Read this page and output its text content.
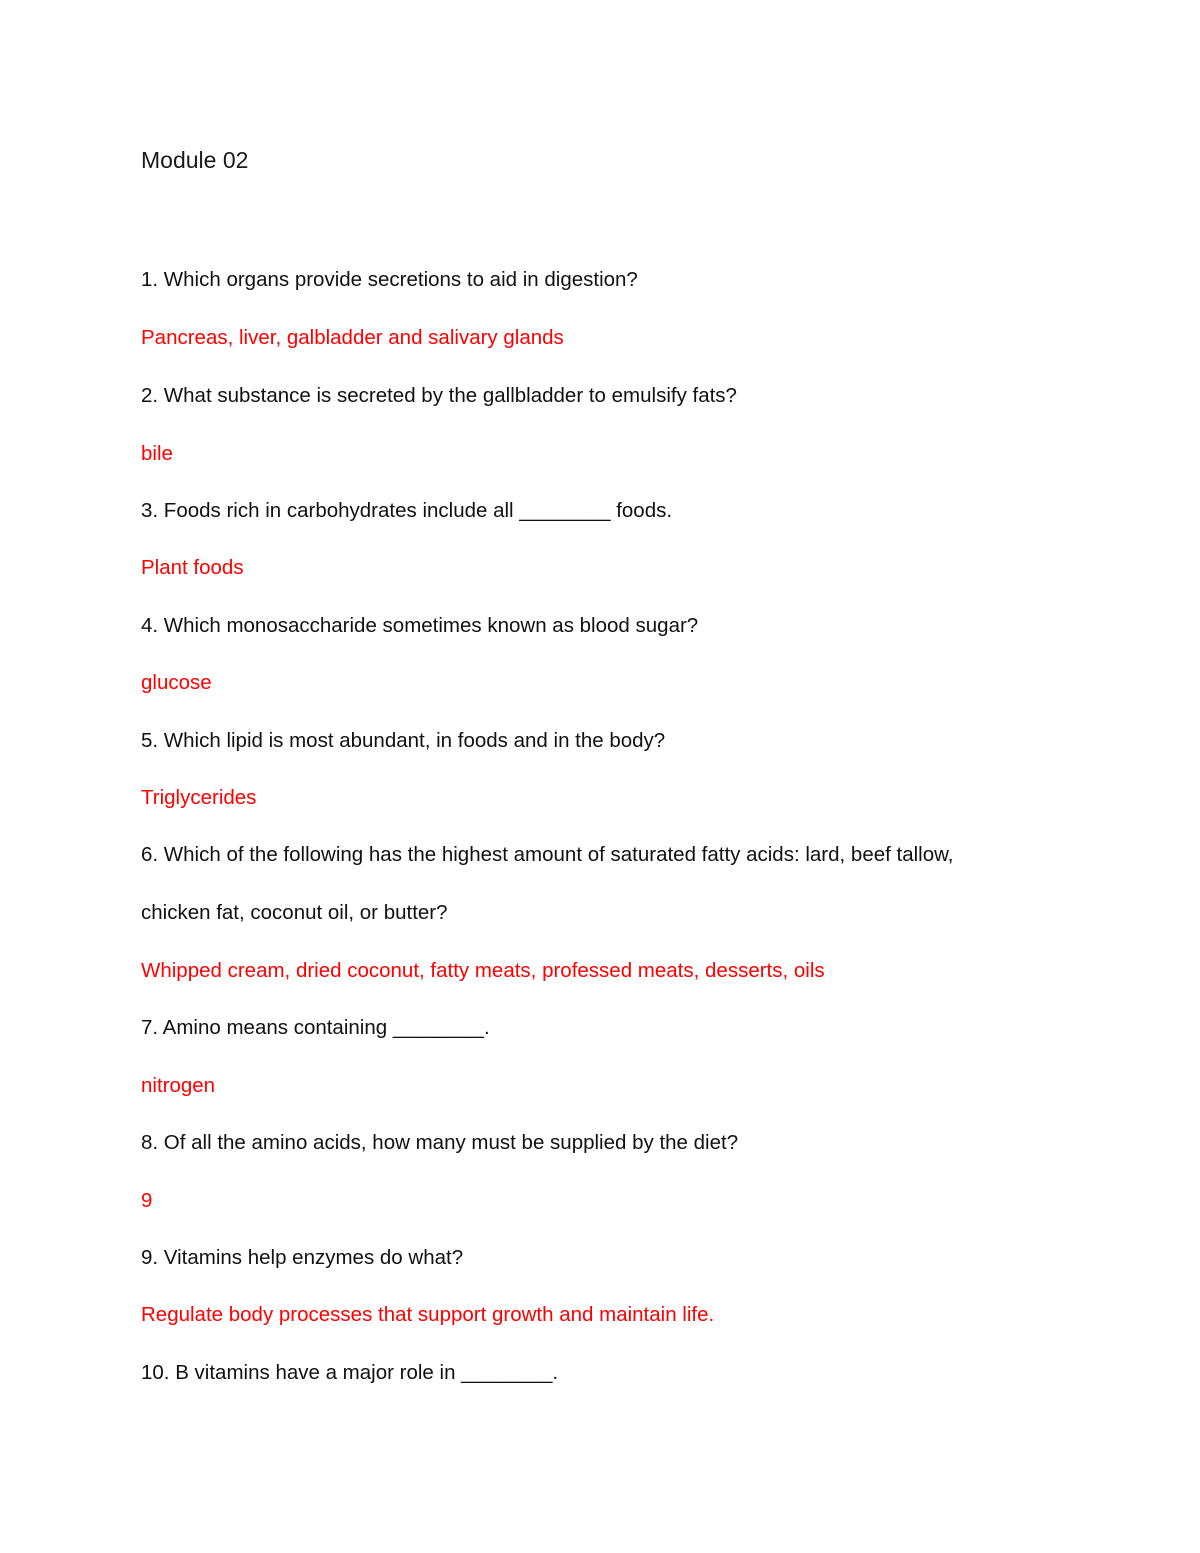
Module 02
1. Which organs provide secretions to aid in digestion?
Pancreas, liver, galbladder and salivary glands
2. What substance is secreted by the gallbladder to emulsify fats?
bile
3. Foods rich in carbohydrates include all ________ foods.
Plant foods
4. Which monosaccharide sometimes known as blood sugar?
glucose
5. Which lipid is most abundant, in foods and in the body?
Triglycerides
6. Which of the following has the highest amount of saturated fatty acids: lard, beef tallow,
chicken fat, coconut oil, or butter?
Whipped cream, dried coconut, fatty meats, professed meats, desserts, oils
7. Amino means containing ________.
nitrogen
8. Of all the amino acids, how many must be supplied by the diet?
9
9. Vitamins help enzymes do what?
Regulate body processes that support growth and maintain life.
10. B vitamins have a major role in ________.
